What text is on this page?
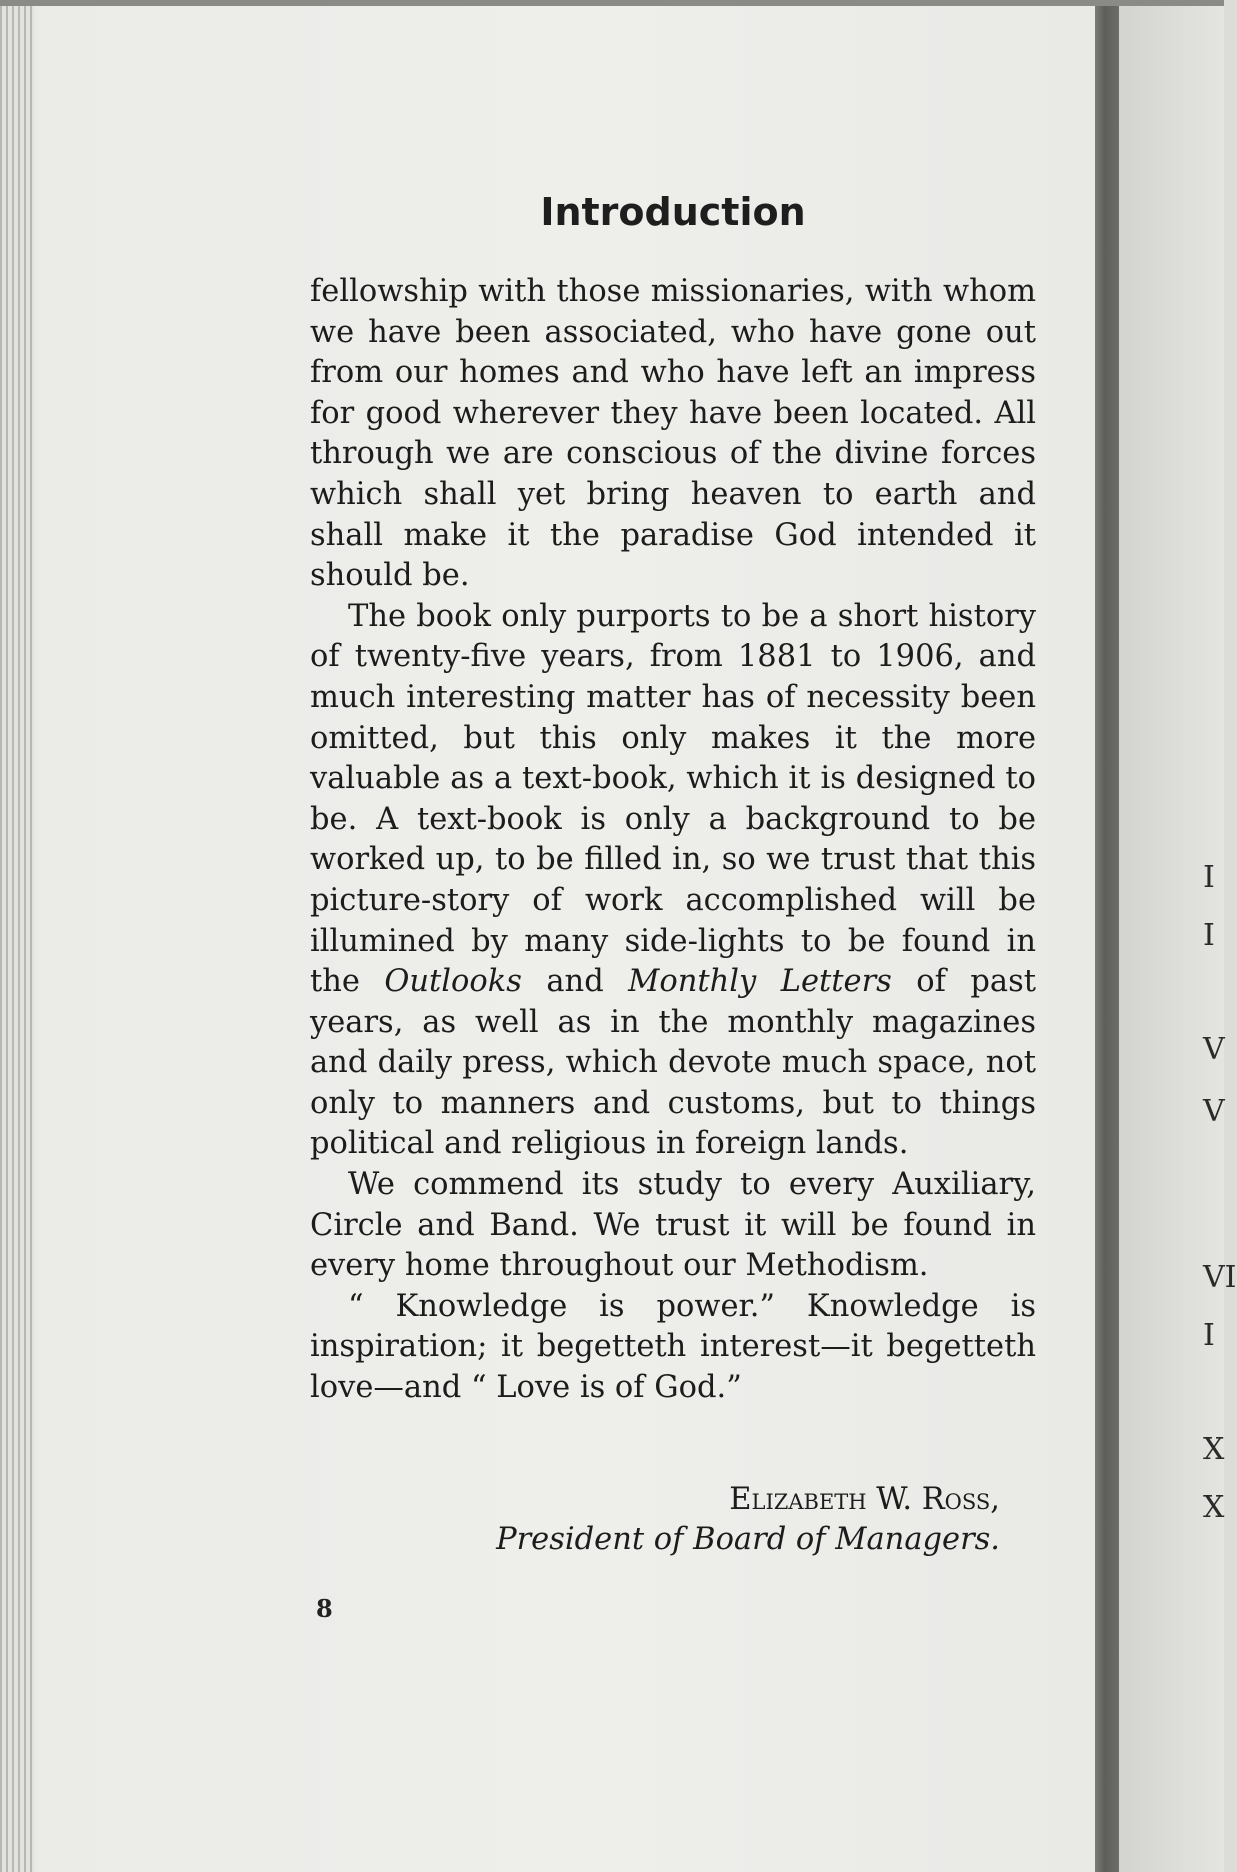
Introduction

fellowship with those missionaries, with whom we have been associated, who have gone out from our homes and who have left an impress for good wherever they have been located. All through we are conscious of the divine forces which shall yet bring heaven to earth and shall make it the paradise God intended it should be.

The book only purports to be a short history of twenty-five years, from 1881 to 1906, and much interesting matter has of necessity been omitted, but this only makes it the more valuable as a text-book, which it is designed to be. A text-book is only a background to be worked up, to be filled in, so we trust that this picture-story of work accomplished will be illumined by many side-lights to be found in the Outlooks and Monthly Letters of past years, as well as in the monthly magazines and daily press, which devote much space, not only to manners and customs, but to things political and religious in foreign lands.

We commend its study to every Auxiliary, Circle and Band. We trust it will be found in every home throughout our Methodism.

“ Knowledge is power.” Knowledge is inspiration; it begetteth interest—it begetteth love—and “ Love is of God.”

Elizabeth W. Ross,
President of Board of Managers.
8
I
I
V
V
VI
I
X
X
